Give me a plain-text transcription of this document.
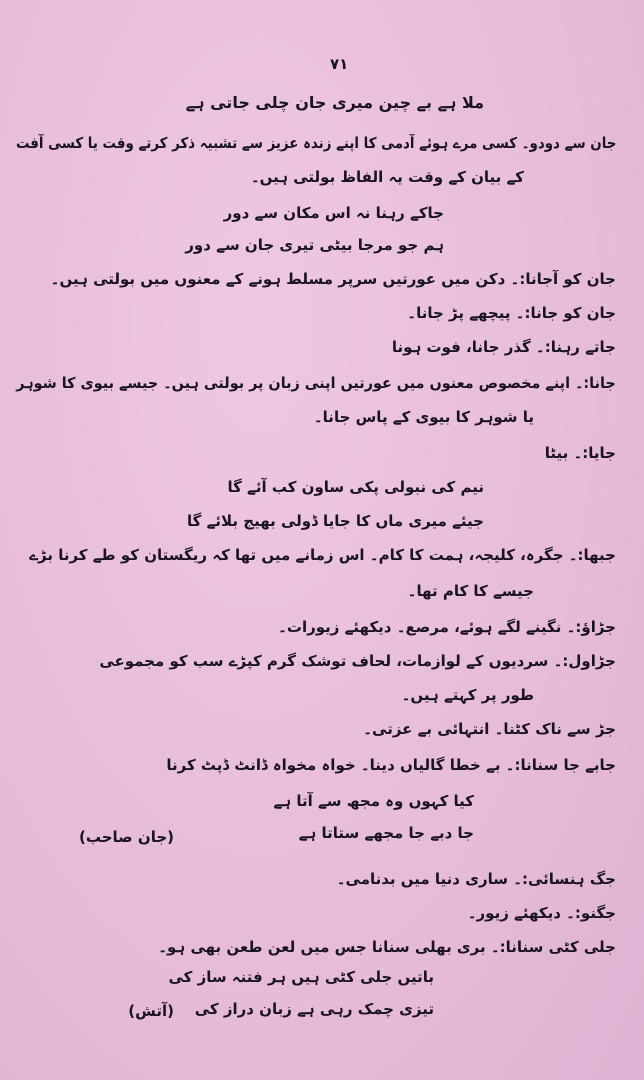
۷۱
ملا ہے بے چین میری جان چلی جاتی ہے
جان سے دودو۔ کسی مرے ہوئے آدمی کا اپنے زندہ عزیز سے تشبیہ ذکر کرتے وقت یا کسی آفت
کے بیان کے وقت یہ الفاظ بولتی ہیں۔
جاکے رہنا نہ اس مکان سے دور
ہم جو مرجا بیٹی تیری جان سے دور
جان کو آجانا:۔ دکن میں عورتیں سرپر مسلط ہونے کے معنوں میں بولتی ہیں۔
جان کو جانا:۔ پیچھے پڑ جانا۔
جاتے رہنا:۔ گذر جانا، فوت ہونا
جانا:۔ اپنے مخصوص معنوں میں عورتیں اپنی زبان پر بولتی ہیں۔ جیسے بیوی کا شوہر
یا شوہر کا بیوی کے پاس جانا۔
جایا:۔ بیٹا
نیم کی نبولی پکی ساون کب آئے گا
جیئے میری ماں کا جایا ڈولی بھیج بلائے گا
جبھا:۔ جگرہ، کلیجہ، ہمت کا کام۔ اس زمانے میں تھا کہ ریگستان کو طے کرنا بڑے
جیسے کا کام تھا۔
جڑاؤ:۔ نگینے لگے ہوئے، مرصع۔ دیکھئے زیورات۔
جڑاول:۔ سردیوں کے لوازمات، لحاف توشک گرم کپڑے سب کو مجموعی
طور پر کہتے ہیں۔
جڑ سے ناک کٹنا۔ انتہائی بے عزتی۔
جابے جا سنانا:۔ بے خطا گالیاں دینا۔ خواہ مخواہ ڈانٹ ڈپٹ کرنا
کیا کہوں وہ مجھ سے آتا ہے
جا دبے جا مجھے ستاتا ہے
(جان صاحب)
جگ ہنسائی:۔ ساری دنیا میں بدنامی۔
جگنو:۔ دیکھئے زیور۔
جلی کٹی سنانا:۔ بری بھلی سنانا جس میں لعن طعن بھی ہو۔
باتیں جلی کٹی ہیں ہر فتنہ ساز کی
تیزی چمک رہی ہے زبان دراز کی
(آتش)
